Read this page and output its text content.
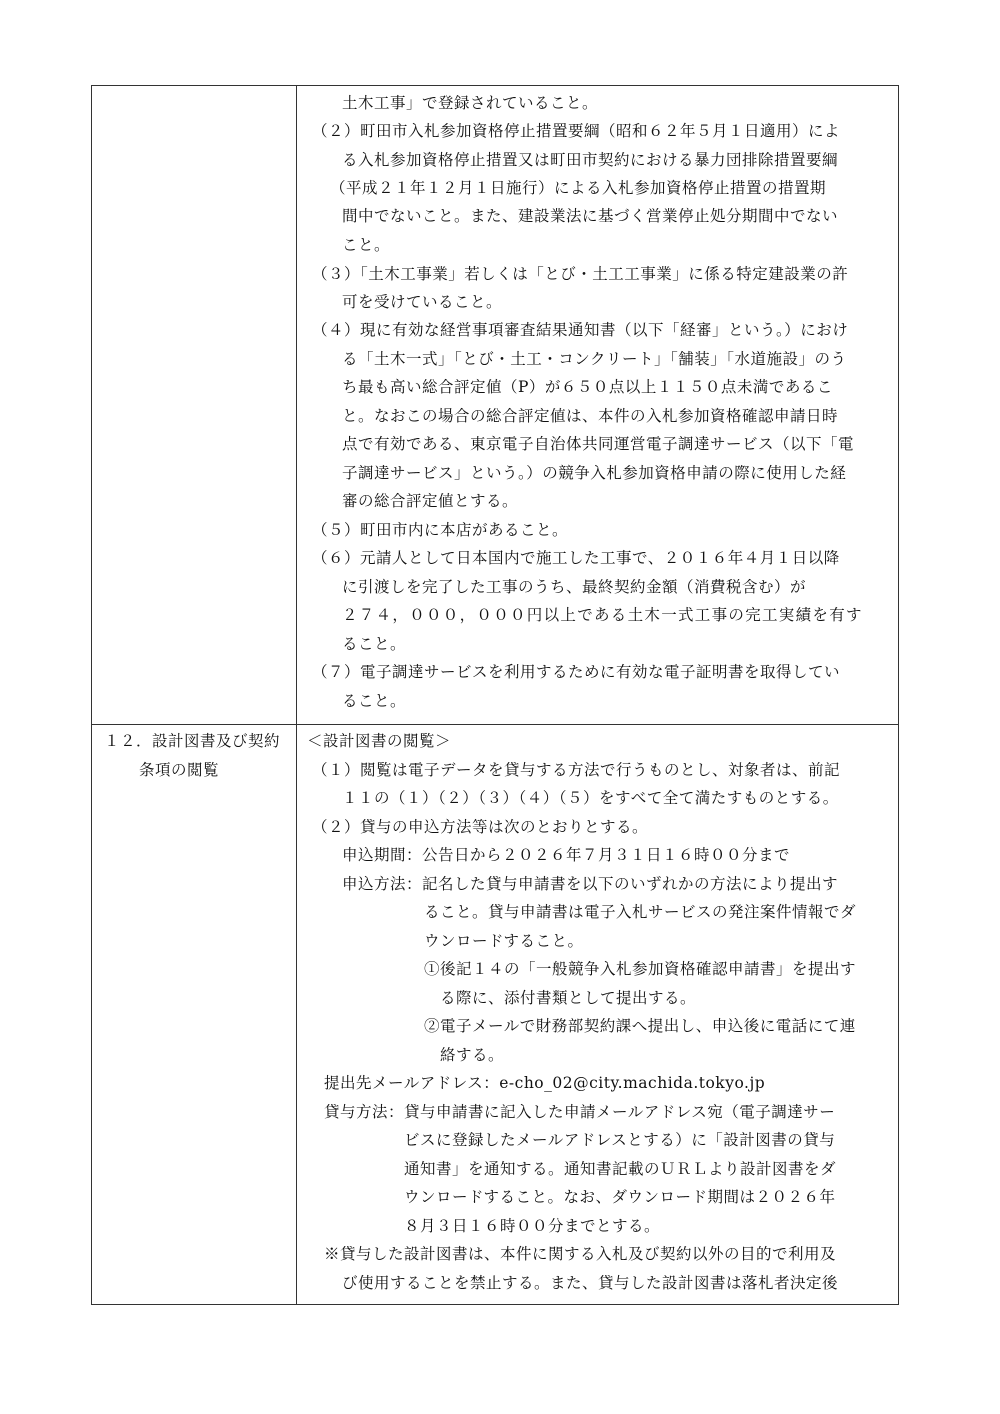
土木工事」で登録されていること。
（２）町田市入札参加資格停止措置要綱（昭和６２年５月１日適用）によ
る入札参加資格停止措置又は町田市契約における暴力団排除措置要綱
（平成２１年１２月１日施行）による入札参加資格停止措置の措置期
間中でないこと。また、建設業法に基づく営業停止処分期間中でない
こと。
（３）「土木工事業」若しくは「とび・土工工事業」に係る特定建設業の許
可を受けていること。
（４）現に有効な経営事項審査結果通知書（以下「経審」という。）におけ
る「土木一式」「とび・土工・コンクリート」「舗装」「水道施設」のう
ち最も高い総合評定値（P）が６５０点以上１１５０点未満であるこ
と。なおこの場合の総合評定値は、本件の入札参加資格確認申請日時
点で有効である、東京電子自治体共同運営電子調達サービス（以下「電
子調達サービス」という。）の競争入札参加資格申請の際に使用した経
審の総合評定値とする。
（５）町田市内に本店があること。
（６）元請人として日本国内で施工した工事で、２０１６年４月１日以降
に引渡しを完了した工事のうち、最終契約金額（消費税含む）が
２７４，０００，０００円以上である土木一式工事の完工実績を有す
ること。
（７）電子調達サービスを利用するために有効な電子証明書を取得してい
ること。
１２．設計図書及び契約
条項の閲覧
＜設計図書の閲覧＞
（１）閲覧は電子データを貸与する方法で行うものとし、対象者は、前記
１１の（１）（２）（３）（４）（５）をすべて全て満たすものとする。
（２）貸与の申込方法等は次のとおりとする。
申込期間：公告日から２０２６年７月３１日１６時００分まで
申込方法：記名した貸与申請書を以下のいずれかの方法により提出す
ること。貸与申請書は電子入札サービスの発注案件情報でダ
ウンロードすること。
①後記１４の「一般競争入札参加資格確認申請書」を提出す
る際に、添付書類として提出する。
②電子メールで財務部契約課へ提出し、申込後に電話にて連
絡する。
提出先メールアドレス：e-cho_02@city.machida.tokyo.jp
貸与方法：貸与申請書に記入した申請メールアドレス宛（電子調達サー
ビスに登録したメールアドレスとする）に「設計図書の貸与
通知書」を通知する。通知書記載のＵＲＬより設計図書をダ
ウンロードすること。なお、ダウンロード期間は２０２６年
８月３日１６時００分までとする。
※貸与した設計図書は、本件に関する入札及び契約以外の目的で利用及
び使用することを禁止する。また、貸与した設計図書は落札者決定後
